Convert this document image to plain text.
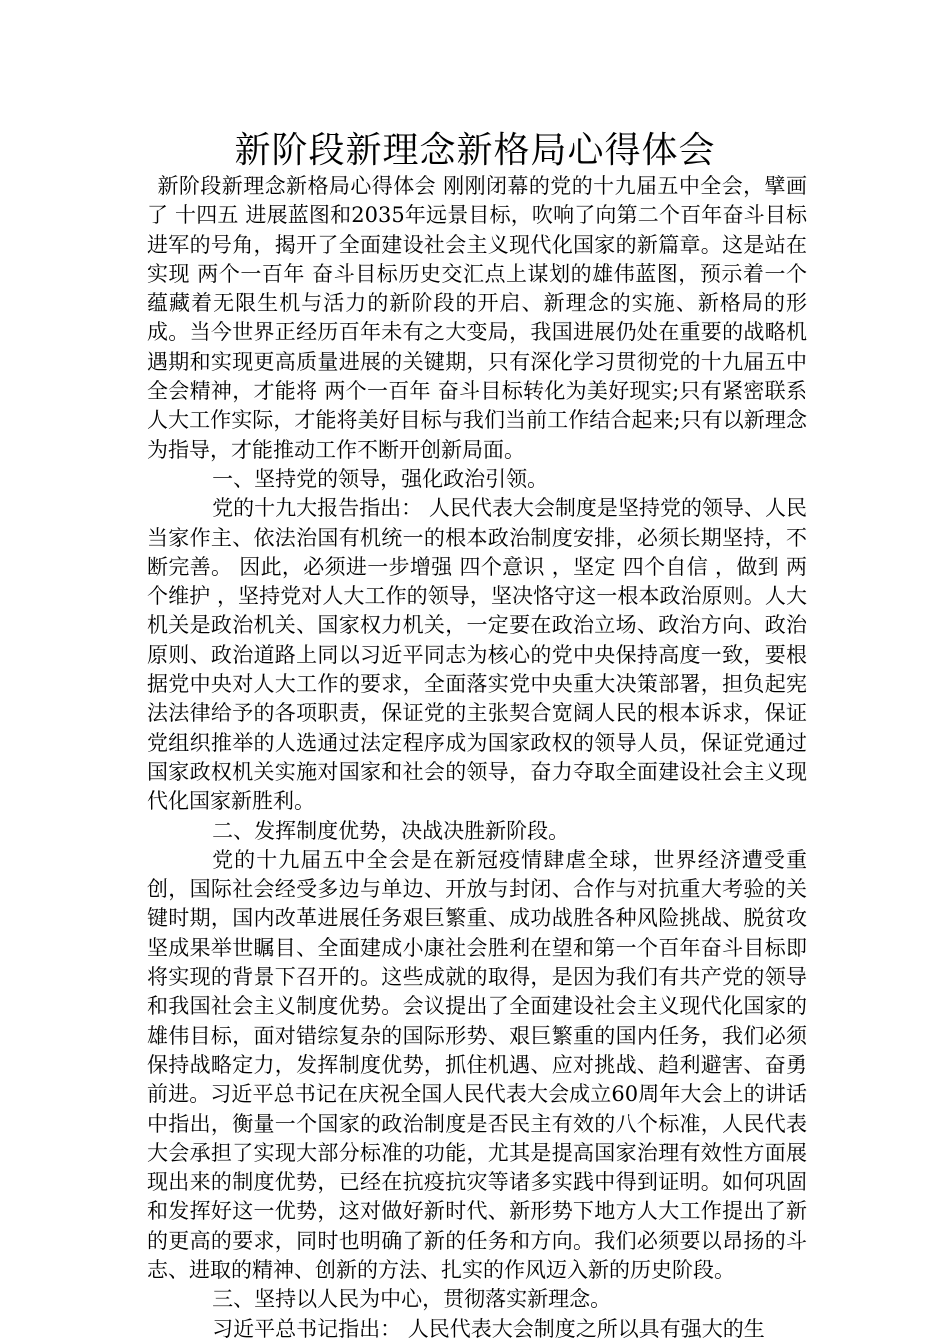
新阶段新理念新格局心得体会

新阶段新理念新格局心得体会 刚刚闭幕的党的十九届五中全会，擘画了 十四五 进展蓝图和2035年远景目标，吹响了向第二个百年奋斗目标进军的号角，揭开了全面建设社会主义现代化国家的新篇章。这是站在实现 两个一百年 奋斗目标历史交汇点上谋划的雄伟蓝图，预示着一个蕴藏着无限生机与活力的新阶段的开启、新理念的实施、新格局的形成。当今世界正经历百年未有之大变局，我国进展仍处在重要的战略机遇期和实现更高质量进展的关键期，只有深化学习贯彻党的十九届五中全会精神，才能将 两个一百年 奋斗目标转化为美好现实;只有紧密联系人大工作实际，才能将美好目标与我们当前工作结合起来;只有以新理念为指导，才能推动工作不断开创新局面。

一、坚持党的领导，强化政治引领。

党的十九大报告指出： 人民代表大会制度是坚持党的领导、人民当家作主、依法治国有机统一的根本政治制度安排，必须长期坚持，不断完善。 因此，必须进一步增强 四个意识 ，坚定 四个自信 ，做到 两个维护 ，坚持党对人大工作的领导，坚决恪守这一根本政治原则。人大机关是政治机关、国家权力机关，一定要在政治立场、政治方向、政治原则、政治道路上同以习近平同志为核心的党中央保持高度一致，要根据党中央对人大工作的要求，全面落实党中央重大决策部署，担负起宪法法律给予的各项职责，保证党的主张契合宽阔人民的根本诉求，保证党组织推举的人选通过法定程序成为国家政权的领导人员，保证党通过国家政权机关实施对国家和社会的领导，奋力夺取全面建设社会主义现代化国家新胜利。

二、发挥制度优势，决战决胜新阶段。

党的十九届五中全会是在新冠疫情肆虐全球，世界经济遭受重创，国际社会经受多边与单边、开放与封闭、合作与对抗重大考验的关键时期，国内改革进展任务艰巨繁重、成功战胜各种风险挑战、脱贫攻坚成果举世瞩目、全面建成小康社会胜利在望和第一个百年奋斗目标即将实现的背景下召开的。这些成就的取得，是因为我们有共产党的领导和我国社会主义制度优势。会议提出了全面建设社会主义现代化国家的雄伟目标，面对错综复杂的国际形势、艰巨繁重的国内任务，我们必须保持战略定力，发挥制度优势，抓住机遇、应对挑战、趋利避害、奋勇前进。习近平总书记在庆祝全国人民代表大会成立60周年大会上的讲话中指出，衡量一个国家的政治制度是否民主有效的八个标准，人民代表大会承担了实现大部分标准的功能，尤其是提高国家治理有效性方面展现出来的制度优势，已经在抗疫抗灾等诸多实践中得到证明。如何巩固和发挥好这一优势，这对做好新时代、新形势下地方人大工作提出了新的更高的要求，同时也明确了新的任务和方向。我们必须要以昂扬的斗志、进取的精神、创新的方法、扎实的作风迈入新的历史阶段。

三、坚持以人民为中心，贯彻落实新理念。

习近平总书记指出： 人民代表大会制度之所以具有强大的生
